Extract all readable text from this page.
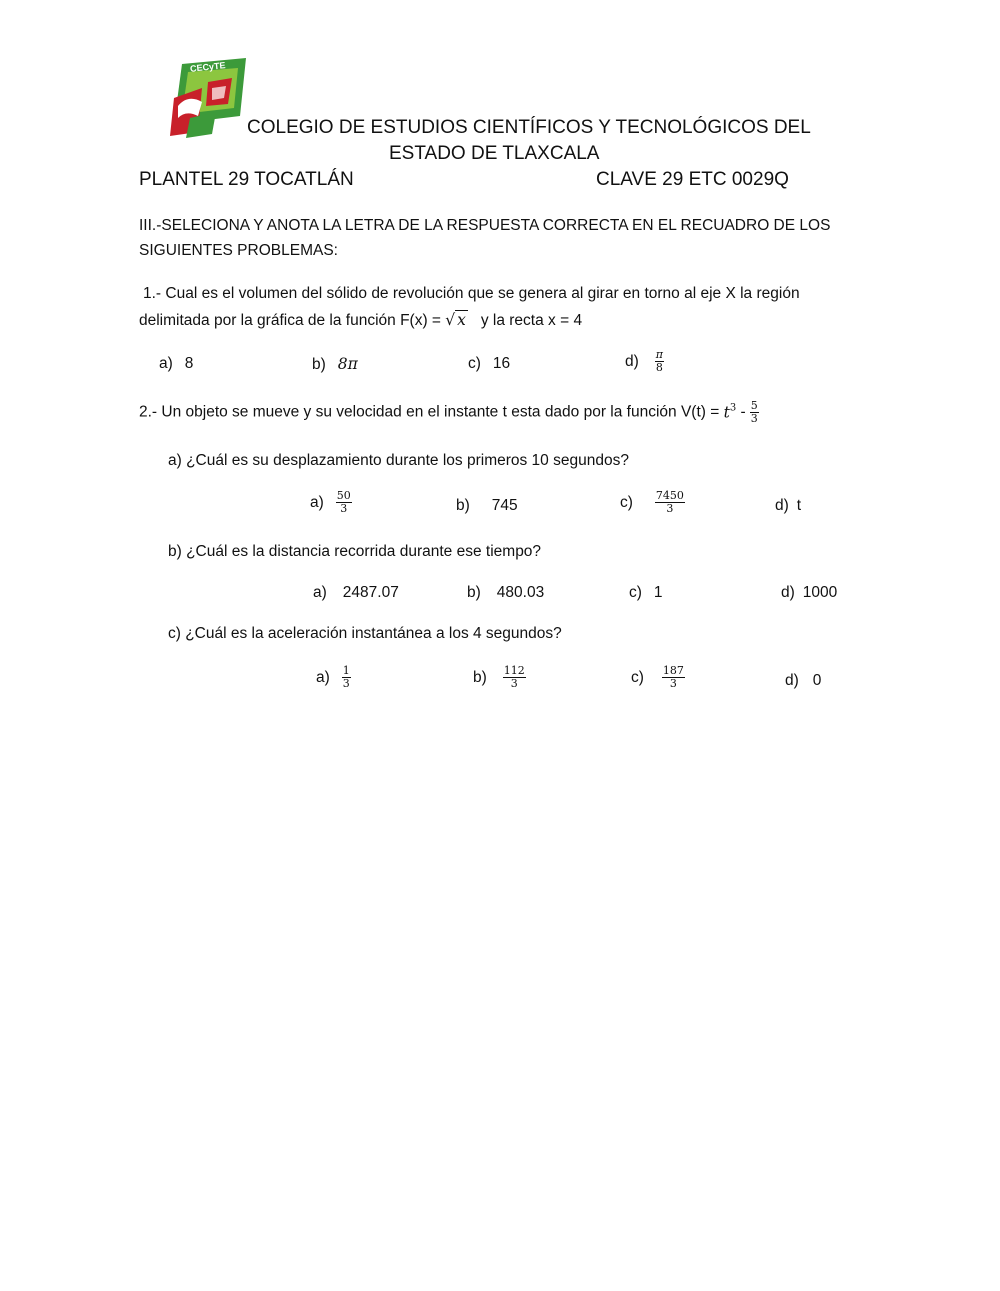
CECyTE
COLEGIO DE ESTUDIOS CIENTÍFICOS Y TECNOLÓGICOS DEL
ESTADO DE TLAXCALA
PLANTEL 29 TOCATLÁN	CLAVE 29 ETC 0029Q
III.-SELECIONA Y ANOTA LA LETRA DE LA RESPUESTA CORRECTA EN EL RECUADRO DE LOS
SIGUIENTES PROBLEMAS:
1.- Cual es el volumen del sólido de revolución que se genera al girar en torno al eje X la región
delimitada por la gráfica de la función F(x) = √ x y la recta x = 4
a) 8	b) 8π	c) 16	$d) \frac{\pi}{8}$
2.- Un objeto se mueve y su velocidad en el instante t esta dado por la función $V(t) = t^3 - \frac{5}{3}$
a) ¿Cuál es su desplazamiento durante los primeros 10 segundos?
$a) \frac{50}{3}$	b) 745	$c) \frac{7450}{3}$	d) t
b) ¿Cuál es la distancia recorrida durante ese tiempo?
a) 2487.07	b) 480.03	c) 1	d) 1000
c) ¿Cuál es la aceleración instantánea a los 4 segundos?
$a) \frac{1}{3}$	$b) \frac{112}{3}$	$c) \frac{187}{3}$	d) 0
